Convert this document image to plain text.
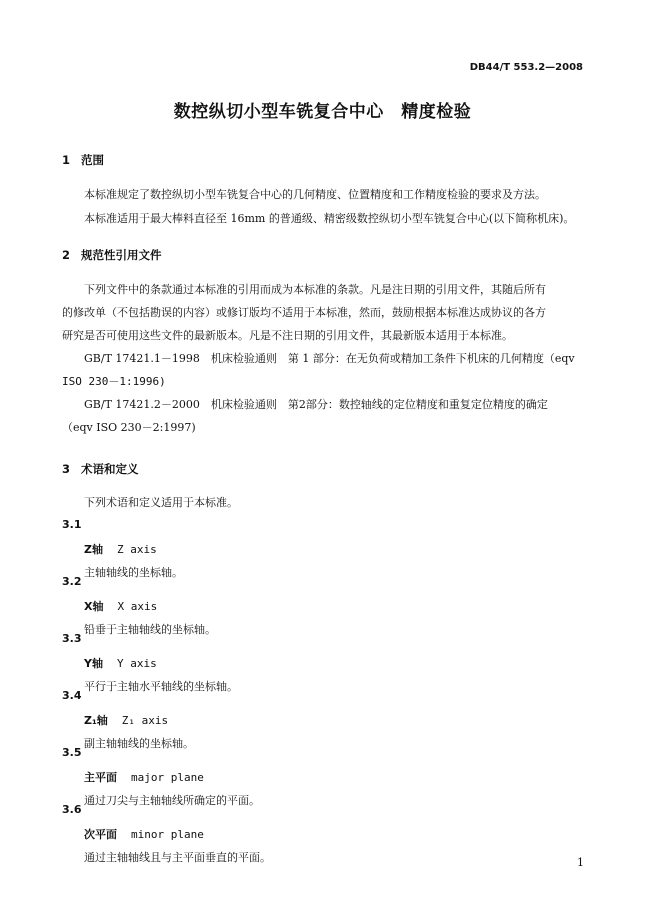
DB44/T 553.2—2008
数控纵切小型车铣复合中心　精度检验
1 范围
本标准规定了数控纵切小型车铣复合中心的几何精度、位置精度和工作精度检验的要求及方法。
本标准适用于最大棒料直径至 16mm 的普通级、精密级数控纵切小型车铣复合中心(以下简称机床)。
2 规范性引用文件
下列文件中的条款通过本标准的引用而成为本标准的条款。凡是注日期的引用文件，其随后所有
的修改单（不包括勘误的内容）或修订版均不适用于本标准，然而，鼓励根据本标准达成协议的各方
研究是否可使用这些文件的最新版本。凡是不注日期的引用文件，其最新版本适用于本标准。
GB/T 17421.1－1998　机床检验通则　第 1 部分：在无负荷或精加工条件下机床的几何精度（eqv
ISO 230－1:1996)
GB/T 17421.2－2000　机床检验通则　第2部分：数控轴线的定位精度和重复定位精度的确定
（eqv ISO 230－2:1997)
3 术语和定义
下列术语和定义适用于本标准。
3.1
Z轴 Z axis
主轴轴线的坐标轴。
3.2
X轴 X axis
铅垂于主轴轴线的坐标轴。
3.3
Y轴 Y axis
平行于主轴水平轴线的坐标轴。
3.4
Z₁轴 Z₁ axis
副主轴轴线的坐标轴。
3.5
主平面 major plane
通过刀尖与主轴轴线所确定的平面。
3.6
次平面 minor plane
通过主轴轴线且与主平面垂直的平面。	1
